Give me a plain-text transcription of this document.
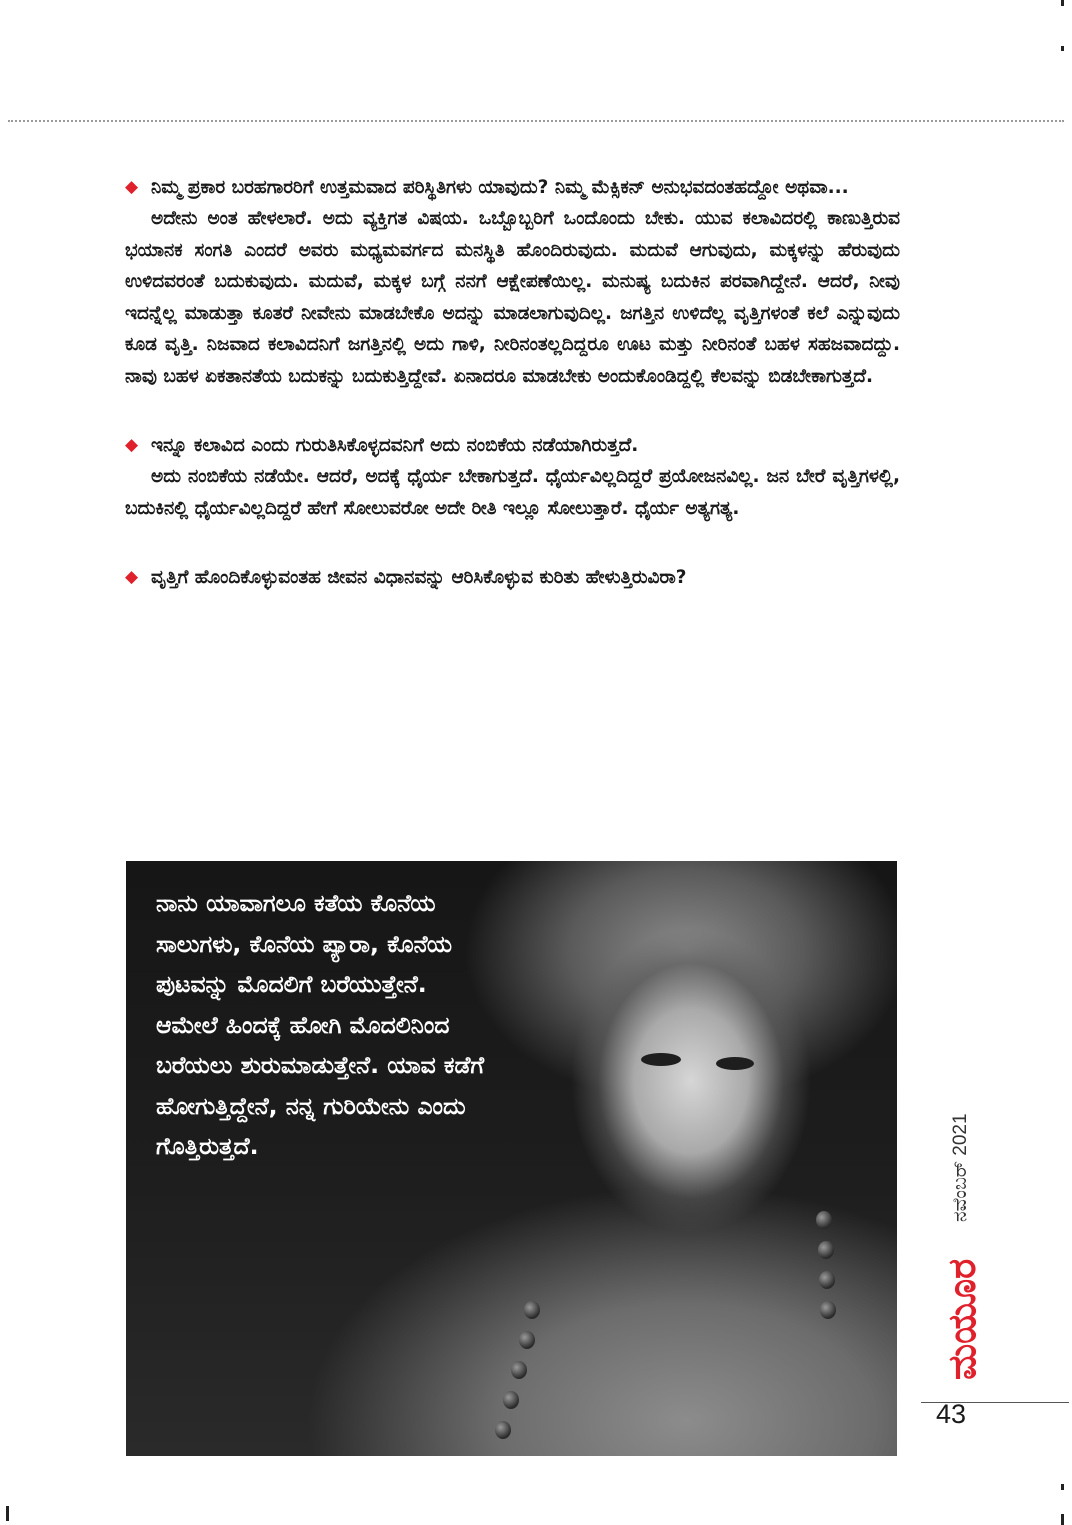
◆ ನಿಮ್ಮ ಪ್ರಕಾರ ಬರಹಗಾರರಿಗೆ ಉತ್ತಮವಾದ ಪರಿಸ್ಥಿತಿಗಳು ಯಾವುದು? ನಿಮ್ಮ ಮೆಕ್ಸಿಕನ್ ಅನುಭವದಂತಹದ್ದೋ ಅಥವಾ...

ಅದೇನು ಅಂತ ಹೇಳಲಾರೆ. ಅದು ವ್ಯಕ್ತಿಗತ ವಿಷಯ. ಒಬ್ಬೊಬ್ಬರಿಗೆ ಒಂದೊಂದು ಬೇಕು. ಯುವ ಕಲಾವಿದರಲ್ಲಿ ಕಾಣುತ್ತಿರುವ ಭಯಾನಕ ಸಂಗತಿ ಎಂದರೆ ಅವರು ಮಧ್ಯಮವರ್ಗದ ಮನಸ್ಥಿತಿ ಹೊಂದಿರುವುದು. ಮದುವೆ ಆಗುವುದು, ಮಕ್ಕಳನ್ನು ಹೆರುವುದು ಉಳಿದವರಂತೆ ಬದುಕುವುದು. ಮದುವೆ, ಮಕ್ಕಳ ಬಗ್ಗೆ ನನಗೆ ಆಕ್ಷೇಪಣೆಯಿಲ್ಲ. ಮನುಷ್ಯ ಬದುಕಿನ ಪರವಾಗಿದ್ದೇನೆ. ಆದರೆ, ನೀವು ಇದನ್ನೆಲ್ಲ ಮಾಡುತ್ತಾ ಕೂತರೆ ನೀವೇನು ಮಾಡಬೇಕೊ ಅದನ್ನು ಮಾಡಲಾಗುವುದಿಲ್ಲ. ಜಗತ್ತಿನ ಉಳಿದೆಲ್ಲ ವೃತ್ತಿಗಳಂತೆ ಕಲೆ ಎನ್ನುವುದು ಕೂಡ ವೃತ್ತಿ. ನಿಜವಾದ ಕಲಾವಿದನಿಗೆ ಜಗತ್ತಿನಲ್ಲಿ ಅದು ಗಾಳಿ, ನೀರಿನಂತಲ್ಲದಿದ್ದರೂ ಊಟ ಮತ್ತು ನೀರಿನಂತೆ ಬಹಳ ಸಹಜವಾದದ್ದು. ನಾವು ಬಹಳ ಏಕತಾನತೆಯ ಬದುಕನ್ನು ಬದುಕುತ್ತಿದ್ದೇವೆ. ಏನಾದರೂ ಮಾಡಬೇಕು ಅಂದುಕೊಂಡಿದ್ದಲ್ಲಿ ಕೆಲವನ್ನು ಬಿಡಬೇಕಾಗುತ್ತದೆ.

◆ ಇನ್ನೂ ಕಲಾವಿದ ಎಂದು ಗುರುತಿಸಿಕೊಳ್ಳದವನಿಗೆ ಅದು ನಂಬಿಕೆಯ ನಡೆಯಾಗಿರುತ್ತದೆ.

ಅದು ನಂಬಿಕೆಯ ನಡೆಯೇ. ಆದರೆ, ಅದಕ್ಕೆ ಧೈರ್ಯ ಬೇಕಾಗುತ್ತದೆ. ಧೈರ್ಯವಿಲ್ಲದಿದ್ದರೆ ಪ್ರಯೋಜನವಿಲ್ಲ. ಜನ ಬೇರೆ ವೃತ್ತಿಗಳಲ್ಲಿ, ಬದುಕಿನಲ್ಲಿ ಧೈರ್ಯವಿಲ್ಲದಿದ್ದರೆ ಹೇಗೆ ಸೋಲುವರೋ ಅದೇ ರೀತಿ ಇಲ್ಲೂ ಸೋಲುತ್ತಾರೆ. ಧೈರ್ಯ ಅತ್ಯಗತ್ಯ.

◆ ವೃತ್ತಿಗೆ ಹೊಂದಿಕೊಳ್ಳುವಂತಹ ಜೀವನ ವಿಧಾನವನ್ನು ಆರಿಸಿಕೊಳ್ಳುವ ಕುರಿತು ಹೇಳುತ್ತಿರುವಿರಾ?
ನಾನು ಯಾವಾಗಲೂ ಕತೆಯ ಕೊನೆಯ ಸಾಲುಗಳು, ಕೊನೆಯ ಪ್ಯಾರಾ, ಕೊನೆಯ ಪುಟವನ್ನು ಮೊದಲಿಗೆ ಬರೆಯುತ್ತೇನೆ. ಆಮೇಲೆ ಹಿಂದಕ್ಕೆ ಹೋಗಿ ಮೊದಲಿನಿಂದ ಬರೆಯಲು ಶುರುಮಾಡುತ್ತೇನೆ. ಯಾವ ಕಡೆಗೆ ಹೋಗುತ್ತಿದ್ದೇನೆ, ನನ್ನ ಗುರಿಯೇನು ಎಂದು ಗೊತ್ತಿರುತ್ತದೆ.	ನವೆಂಬರ್ 2021
ಮಯೂರ
43
